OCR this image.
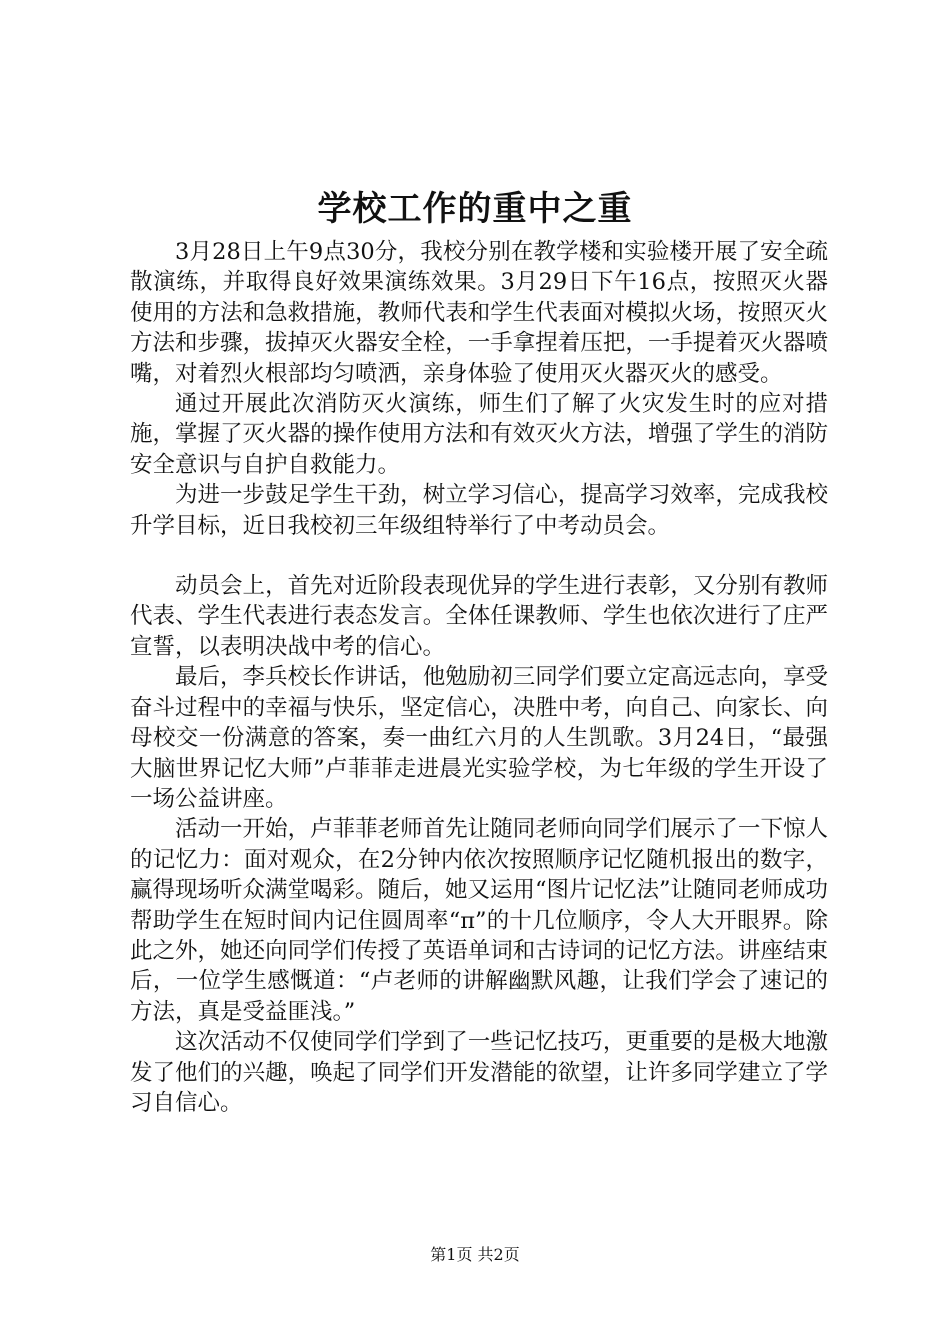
学校工作的重中之重

3月28日上午9点30分，我校分别在教学楼和实验楼开展了安全疏散演练，并取得良好效果演练效果。3月29日下午16点，按照灭火器使用的方法和急救措施，教师代表和学生代表面对模拟火场，按照灭火方法和步骤，拔掉灭火器安全栓，一手拿捏着压把，一手提着灭火器喷嘴，对着烈火根部均匀喷洒，亲身体验了使用灭火器灭火的感受。

通过开展此次消防灭火演练，师生们了解了火灾发生时的应对措施，掌握了灭火器的操作使用方法和有效灭火方法，增强了学生的消防安全意识与自护自救能力。

为进一步鼓足学生干劲，树立学习信心，提高学习效率，完成我校升学目标，近日我校初三年级组特举行了中考动员会。

动员会上，首先对近阶段表现优异的学生进行表彰，又分别有教师代表、学生代表进行表态发言。全体任课教师、学生也依次进行了庄严宣誓，以表明决战中考的信心。

最后，李兵校长作讲话，他勉励初三同学们要立定高远志向，享受奋斗过程中的幸福与快乐，坚定信心，决胜中考，向自己、向家长、向母校交一份满意的答案，奏一曲红六月的人生凯歌。3月24日，“最强大脑世界记忆大师”卢菲菲走进晨光实验学校，为七年级的学生开设了一场公益讲座。

活动一开始，卢菲菲老师首先让随同老师向同学们展示了一下惊人的记忆力：面对观众，在2分钟内依次按照顺序记忆随机报出的数字，赢得现场听众满堂喝彩。随后，她又运用“图片记忆法”让随同老师成功帮助学生在短时间内记住圆周率“π”的十几位顺序，令人大开眼界。除此之外，她还向同学们传授了英语单词和古诗词的记忆方法。讲座结束后，一位学生感慨道：“卢老师的讲解幽默风趣，让我们学会了速记的方法，真是受益匪浅。”

这次活动不仅使同学们学到了一些记忆技巧，更重要的是极大地激发了他们的兴趣，唤起了同学们开发潜能的欲望，让许多同学建立了学习自信心。

第1页 共2页
